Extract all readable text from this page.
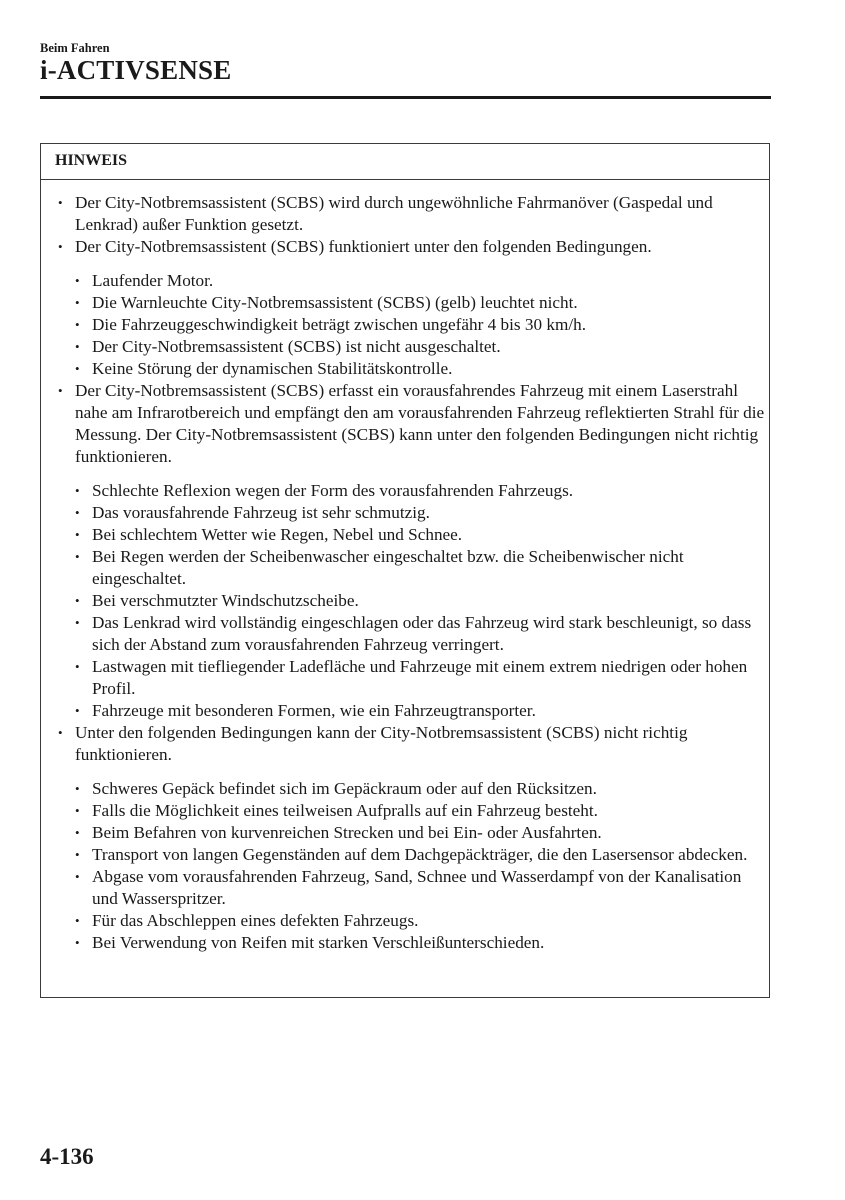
Beim Fahren
i-ACTIVSENSE
HINWEIS
• Der City-Notbremsassistent (SCBS) wird durch ungewöhnliche Fahrmanöver (Gaspedal und Lenkrad) außer Funktion gesetzt.
• Der City-Notbremsassistent (SCBS) funktioniert unter den folgenden Bedingungen.
• Laufender Motor.
• Die Warnleuchte City-Notbremsassistent (SCBS) (gelb) leuchtet nicht.
• Die Fahrzeuggeschwindigkeit beträgt zwischen ungefähr 4 bis 30 km/h.
• Der City-Notbremsassistent (SCBS) ist nicht ausgeschaltet.
• Keine Störung der dynamischen Stabilitätskontrolle.
• Der City-Notbremsassistent (SCBS) erfasst ein vorausfahrendes Fahrzeug mit einem Laserstrahl nahe am Infrarotbereich und empfängt den am vorausfahrenden Fahrzeug reflektierten Strahl für die Messung. Der City-Notbremsassistent (SCBS) kann unter den folgenden Bedingungen nicht richtig funktionieren.
• Schlechte Reflexion wegen der Form des vorausfahrenden Fahrzeugs.
• Das vorausfahrende Fahrzeug ist sehr schmutzig.
• Bei schlechtem Wetter wie Regen, Nebel und Schnee.
• Bei Regen werden der Scheibenwascher eingeschaltet bzw. die Scheibenwischer nicht eingeschaltet.
• Bei verschmutzter Windschutzscheibe.
• Das Lenkrad wird vollständig eingeschlagen oder das Fahrzeug wird stark beschleunigt, so dass sich der Abstand zum vorausfahrenden Fahrzeug verringert.
• Lastwagen mit tiefliegender Ladefläche und Fahrzeuge mit einem extrem niedrigen oder hohen Profil.
• Fahrzeuge mit besonderen Formen, wie ein Fahrzeugtransporter.
• Unter den folgenden Bedingungen kann der City-Notbremsassistent (SCBS) nicht richtig funktionieren.
• Schweres Gepäck befindet sich im Gepäckraum oder auf den Rücksitzen.
• Falls die Möglichkeit eines teilweisen Aufpralls auf ein Fahrzeug besteht.
• Beim Befahren von kurvenreichen Strecken und bei Ein- oder Ausfahrten.
• Transport von langen Gegenständen auf dem Dachgepäckträger, die den Lasersensor abdecken.
• Abgase vom vorausfahrenden Fahrzeug, Sand, Schnee und Wasserdampf von der Kanalisation und Wasserspritzer.
• Für das Abschleppen eines defekten Fahrzeugs.
• Bei Verwendung von Reifen mit starken Verschleißunterschieden.
4-136
